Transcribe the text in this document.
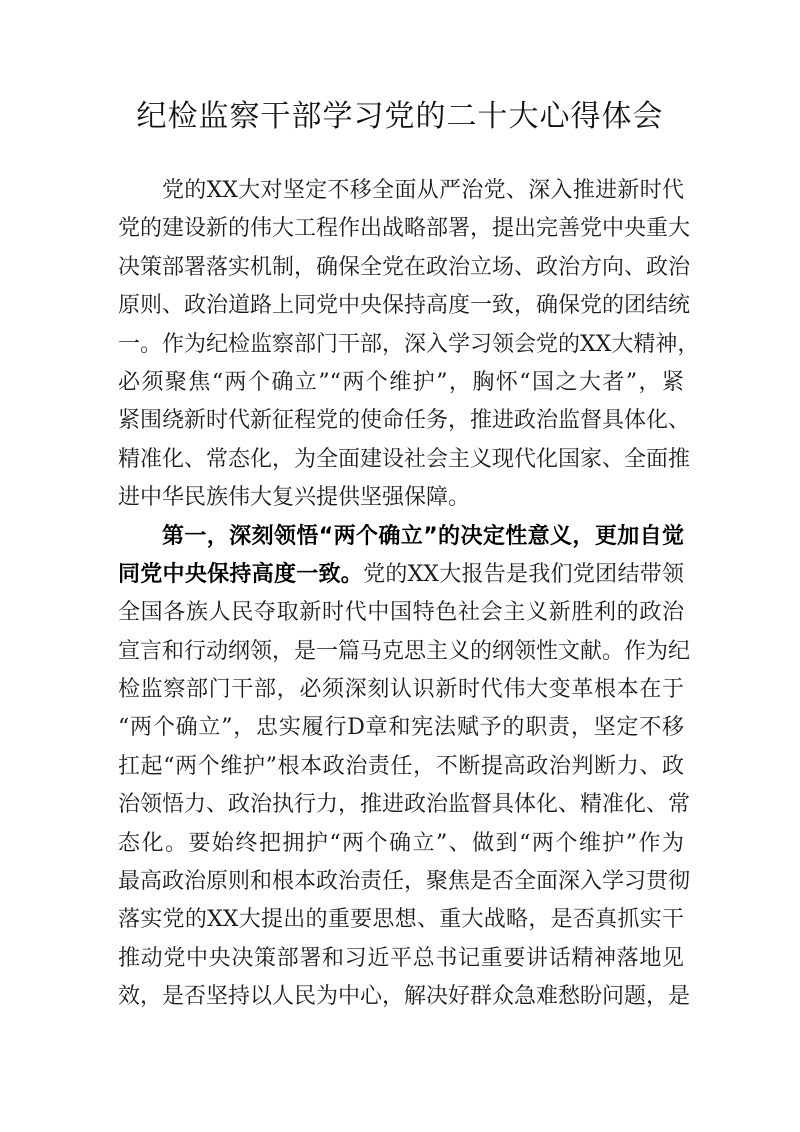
纪检监察干部学习党的二十大心得体会
党的XX大对坚定不移全面从严治党、深入推进新时代
党的建设新的伟大工程作出战略部署，提出完善党中央重大
决策部署落实机制，确保全党在政治立场、政治方向、政治
原则、政治道路上同党中央保持高度一致，确保党的团结统
一。作为纪检监察部门干部，深入学习领会党的XX大精神，
必须聚焦“两个确立”“两个维护”，胸怀“国之大者”，紧
紧围绕新时代新征程党的使命任务，推进政治监督具体化、
精准化、常态化，为全面建设社会主义现代化国家、全面推
进中华民族伟大复兴提供坚强保障。
第一，深刻领悟“两个确立”的决定性意义，更加自觉
同党中央保持高度一致。党的XX大报告是我们党团结带领
全国各族人民夺取新时代中国特色社会主义新胜利的政治
宣言和行动纲领，是一篇马克思主义的纲领性文献。作为纪
检监察部门干部，必须深刻认识新时代伟大变革根本在于
“两个确立”，忠实履行D章和宪法赋予的职责，坚定不移
扛起“两个维护”根本政治责任，不断提高政治判断力、政
治领悟力、政治执行力，推进政治监督具体化、精准化、常
态化。要始终把拥护“两个确立”、做到“两个维护”作为
最高政治原则和根本政治责任，聚焦是否全面深入学习贯彻
落实党的XX大提出的重要思想、重大战略，是否真抓实干
推动党中央决策部署和习近平总书记重要讲话精神落地见
效，是否坚持以人民为中心，解决好群众急难愁盼问题，是
